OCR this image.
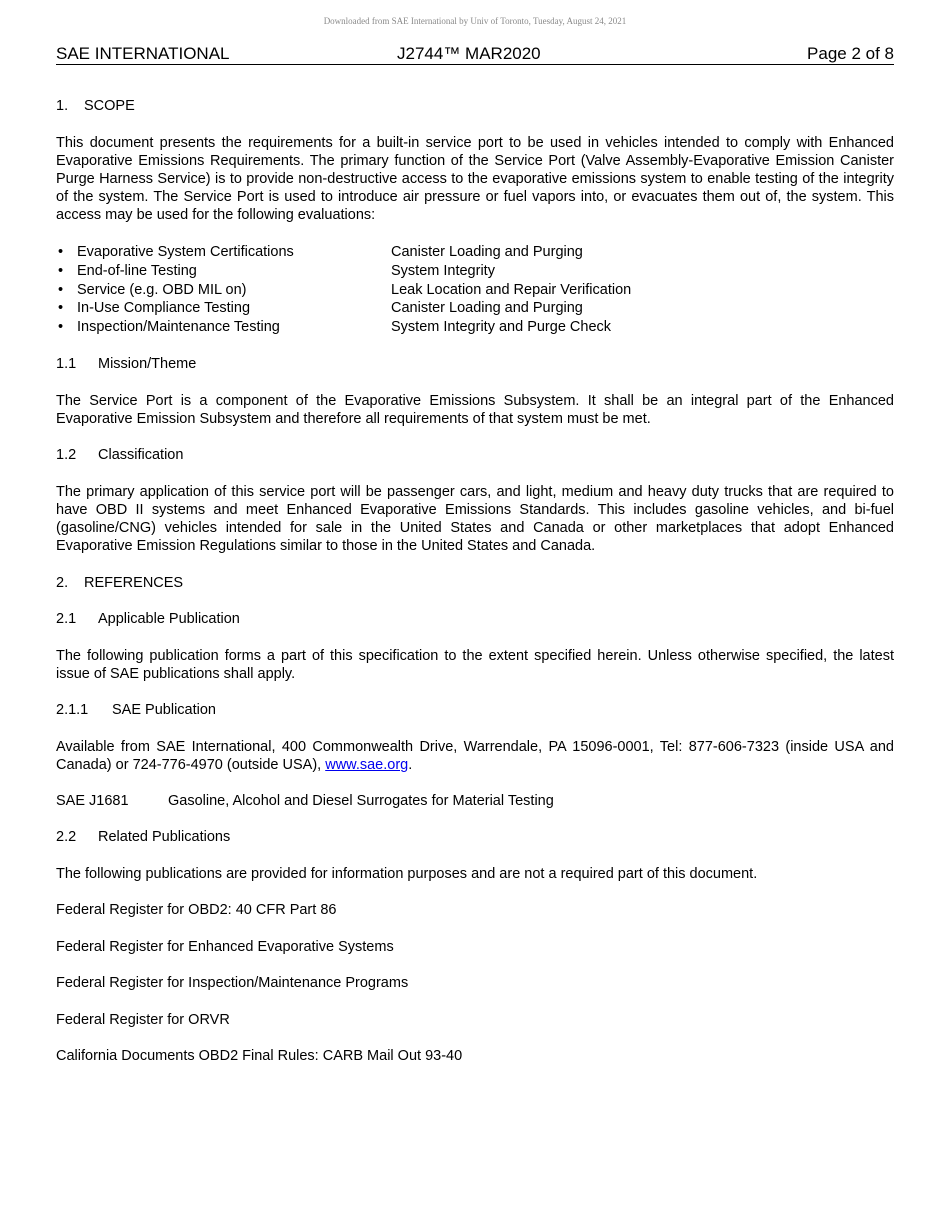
Downloaded from SAE International by Univ of Toronto, Tuesday, August 24, 2021
SAE INTERNATIONAL	J2744™ MAR2020	Page 2 of 8
1. SCOPE

This document presents the requirements for a built-in service port to be used in vehicles intended to comply with Enhanced Evaporative Emissions Requirements. The primary function of the Service Port (Valve Assembly-Evaporative Emission Canister Purge Harness Service) is to provide non-destructive access to the evaporative emissions system to enable testing of the integrity of the system. The Service Port is used to introduce air pressure or fuel vapors into, or evacuates them out of, the system. This access may be used for the following evaluations:

• Evaporative System Certifications	Canister Loading and Purging
• End-of-line Testing	System Integrity
• Service (e.g. OBD MIL on)	Leak Location and Repair Verification
• In-Use Compliance Testing	Canister Loading and Purging
• Inspection/Maintenance Testing	System Integrity and Purge Check
1.1 Mission/Theme

The Service Port is a component of the Evaporative Emissions Subsystem. It shall be an integral part of the Enhanced Evaporative Emission Subsystem and therefore all requirements of that system must be met.

1.2 Classification

The primary application of this service port will be passenger cars, and light, medium and heavy duty trucks that are required to have OBD II systems and meet Enhanced Evaporative Emissions Standards. This includes gasoline vehicles, and bi-fuel (gasoline/CNG) vehicles intended for sale in the United States and Canada or other marketplaces that adopt Enhanced Evaporative Emission Regulations similar to those in the United States and Canada.

2. REFERENCES
2.1 Applicable Publication

The following publication forms a part of this specification to the extent specified herein. Unless otherwise specified, the latest issue of SAE publications shall apply.

2.1.1 SAE Publication

Available from SAE International, 400 Commonwealth Drive, Warrendale, PA 15096-0001, Tel: 877-606-7323 (inside USA and Canada) or 724-776-4970 (outside USA), www.sae.org.

SAE J1681	Gasoline, Alcohol and Diesel Surrogates for Material Testing
2.2 Related Publications

The following publications are provided for information purposes and are not a required part of this document.

Federal Register for OBD2: 40 CFR Part 86
Federal Register for Enhanced Evaporative Systems
Federal Register for Inspection/Maintenance Programs
Federal Register for ORVR
California Documents OBD2 Final Rules: CARB Mail Out 93-40
